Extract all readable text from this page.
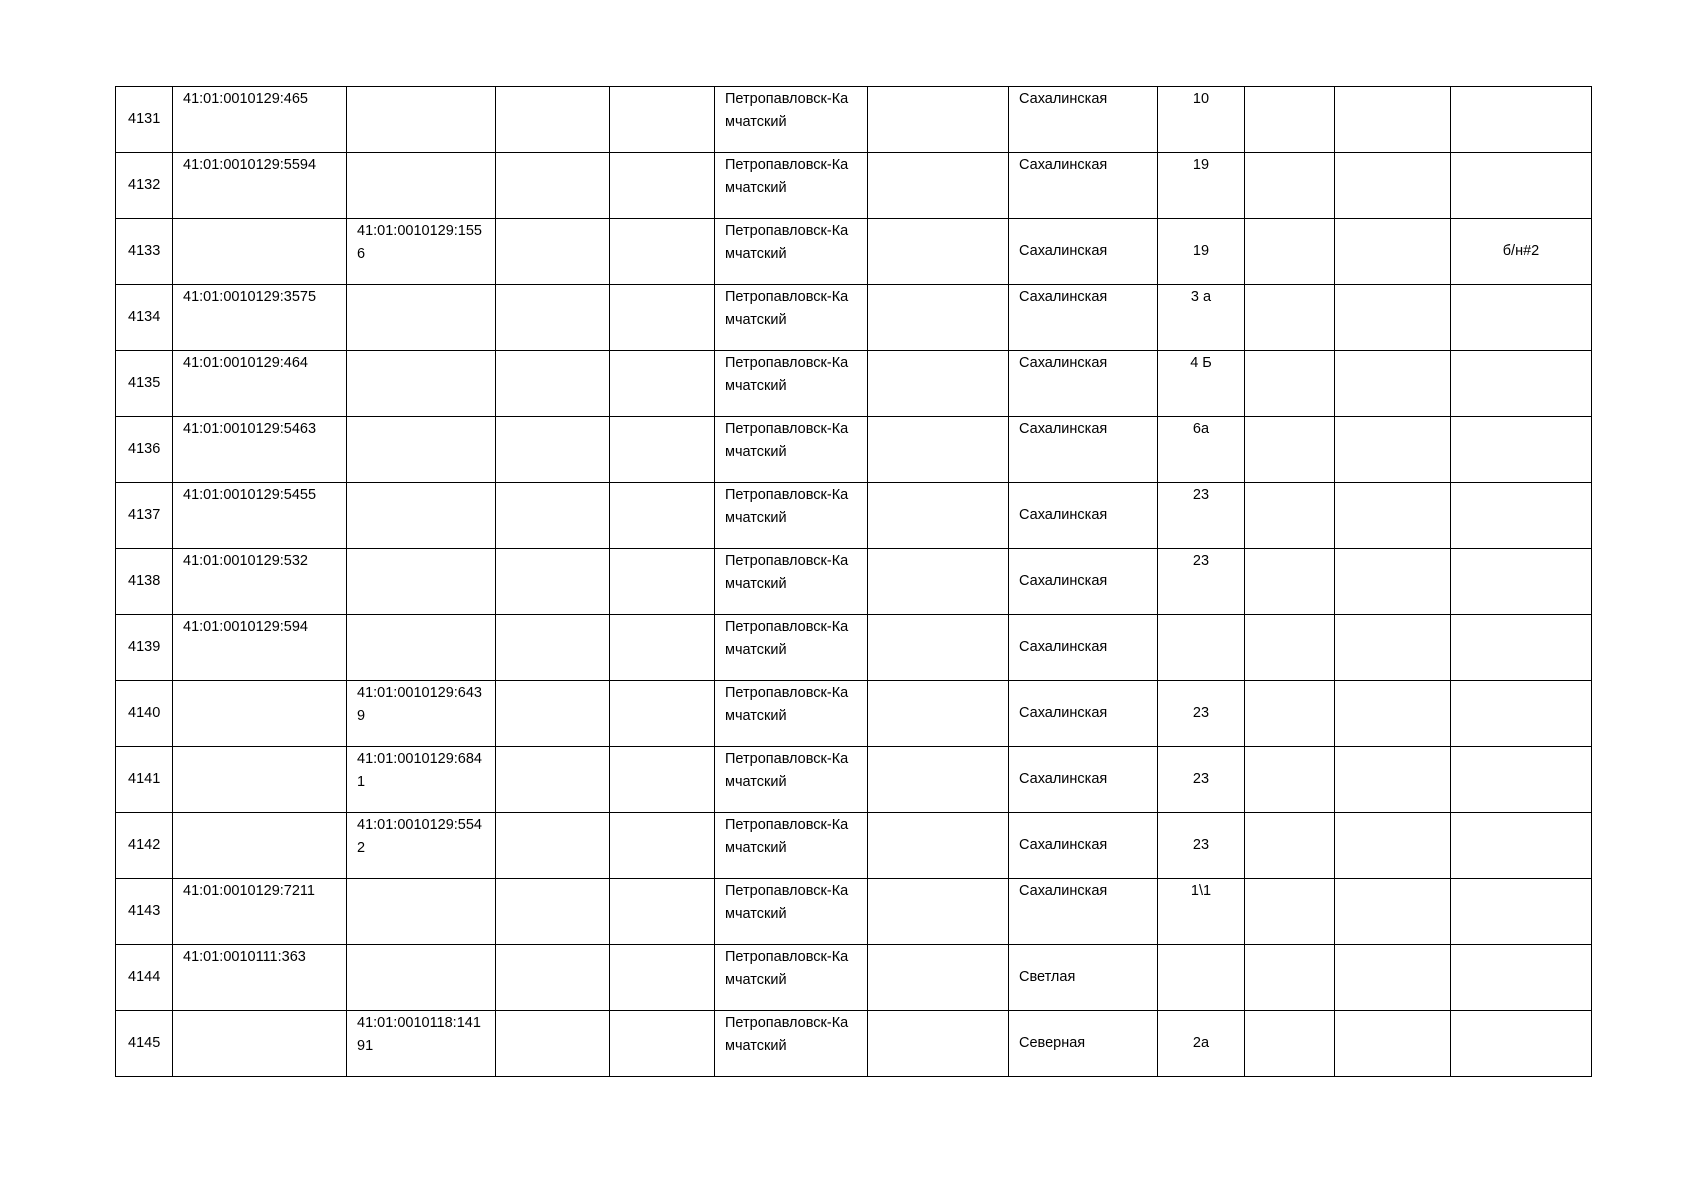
4131	41:01:0010129:465				Петропавловск-Камчатский		Сахалинская	10			
4132	41:01:0010129:5594				Петропавловск-Камчатский		Сахалинская	19			
4133		41:01:0010129:1556			Петропавловск-Камчатский		Сахалинская	19			б/н#2
4134	41:01:0010129:3575				Петропавловск-Камчатский		Сахалинская	3 а			
4135	41:01:0010129:464				Петропавловск-Камчатский		Сахалинская	4 Б			
4136	41:01:0010129:5463				Петропавловск-Камчатский		Сахалинская	6а			
4137	41:01:0010129:5455				Петропавловск-Камчатский		Сахалинская	23			
4138	41:01:0010129:532				Петропавловск-Камчатский		Сахалинская	23			
4139	41:01:0010129:594				Петропавловск-Камчатский		Сахалинская				
4140		41:01:0010129:6439			Петропавловск-Камчатский		Сахалинская	23			
4141		41:01:0010129:6841			Петропавловск-Камчатский		Сахалинская	23			
4142		41:01:0010129:5542			Петропавловск-Камчатский		Сахалинская	23			
4143	41:01:0010129:7211				Петропавловск-Камчатский		Сахалинская	1\1			
4144	41:01:0010111:363				Петропавловск-Камчатский		Светлая				
4145		41:01:0010118:14191			Петропавловск-Камчатский		Северная	2а			
